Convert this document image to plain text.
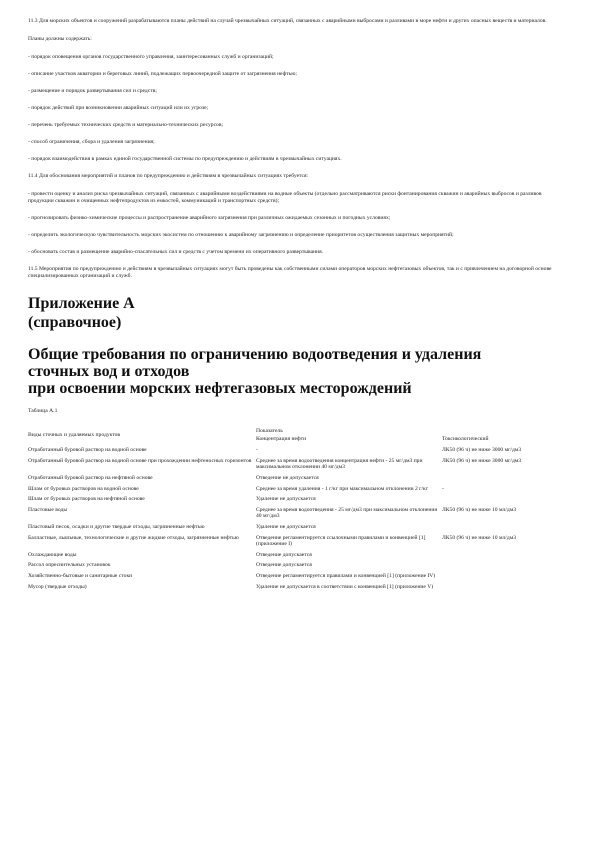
11.3 Для морских объектов и сооружений разрабатываются планы действий на случай чрезвычайных ситуаций, связанных с аварийными выбросами и разливами в море нефти и других опасных веществ и материалов.

Планы должны содержать:

- порядок оповещения органов государственного управления, заинтересованных служб и организаций;

- описание участков акватории и береговых линий, подлежащих первоочередной защите от загрязнения нефтью;

- размещение и порядок развертывания сил и средств;

- порядок действий при возникновении аварийных ситуаций или их угрозе;

- перечень требуемых технических средств и материально-технических ресурсов;

- способ ограничения, сбора и удаления загрязнения;

- порядок взаимодействия в рамках единой государственной системы по предупреждению и действиям в чрезвычайных ситуациях.

11.4 Для обоснования мероприятий и планов по предупреждению и действиям в чрезвычайных ситуациях требуется:

- провести оценку и анализ риска чрезвычайных ситуаций, связанных с аварийными воздействиями на водные объекты (отдельно рассматриваются риски фонтанирования скважин и аварийных выбросов и разливов продукции скважин и очищенных нефтепродуктов из емкостей, коммуникаций и транспортных средств);

- прогнозировать физико-химические процессы и распространение аварийного загрязнения при различных ожидаемых сезонных и погодных условиях;

- определить экологическую чувствительность морских экосистем по отношению к аварийному загрязнению и определение приоритетов осуществления защитных мероприятий;

- обосновать состав и размещение аварийно-спасательных сил и средств с учетом времени их оперативного развертывания.

11.5 Мероприятия по предупреждению и действиям в чрезвычайных ситуациях могут быть проведены как собственными силами операторов морских нефтегазовых объектов, так и с привлечением на договорной основе специализированных организаций и служб.

Приложение А
(справочное)
Общие требования по ограничению водоотведения и удаления
сточных вод и отходов
при освоении морских нефтегазовых месторождений
Таблица А.1
Виды сточных и удаляемых продуктов	Показатель	
	Концентрация нефти	Токсикологический
Отработанный буровой раствор на водной основе	-	ЛК50 (96 ч) не ниже 3000 мг/дм3
Отработанный буровой раствор на водной основе при прохождении нефтеносных горизонтов	Среднее за время водоотведения концентрация нефти - 25 мг/дм3 при максимальном отклонении 40 мг/дм3	ЛК50 (96 ч) не ниже 3000 мг/дм3
Отработанный буровой раствор на нефтяной основе	Отведение не допускается	
Шлам от буровых растворов на водной основе	Среднее за время удаления - 1 г/кг при максимальном отклонении 2 г/кг	-
Шлам от буровых растворов на нефтяной основе	Удаление не допускается	
Пластовые воды	Среднее за время водоотведения - 25 мг/дм3 при максимальном отклонении 40 мг/дм3	ЛК50 (96 ч) не ниже 10 мл/дм3
Пластовый песок, осадки и другие твердые отходы, загрязненные нефтью	Удаление не допускается	
Балластные, льяльные, технологические и другие жидкие отходы, загрязненные нефтью	Отведение регламентируется ссылочными правилами и конвенцией [1] (приложение I)	ЛК50 (96 ч) не ниже 10 мл/дм3
Охлаждающие воды	Отведение допускается	
Рассол опреснительных установок	Отведение допускается	
Хозяйственно-бытовые и санитарные стоки	Отведение регламентируется правилами и конвенцией [1] (приложение IV)	
Мусор (твердые отходы)	Удаление не допускается в соответствии с конвенцией [1] (приложение V)	
